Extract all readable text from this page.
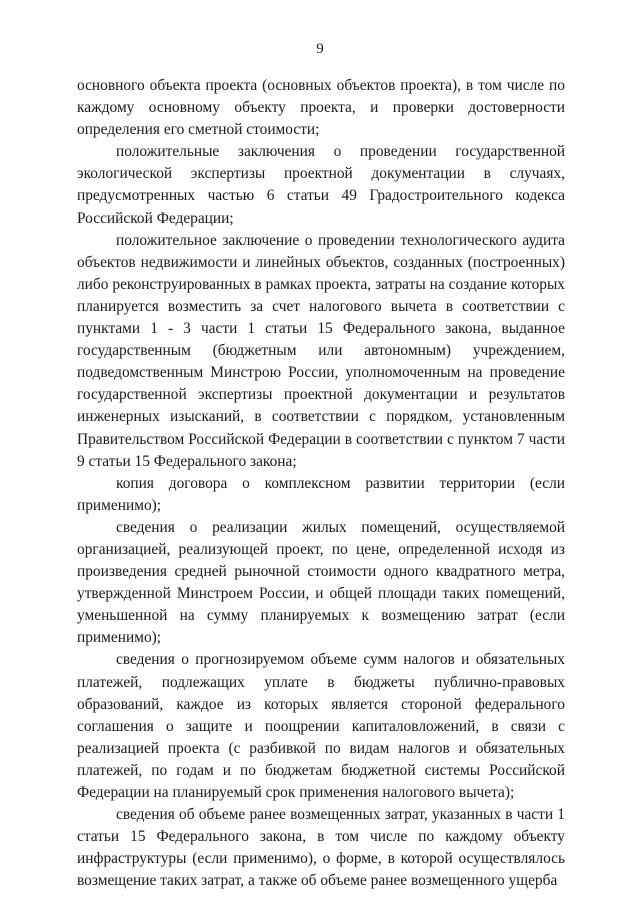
9

основного объекта проекта (основных объектов проекта), в том числе по каждому основному объекту проекта, и проверки достоверности определения его сметной стоимости;

положительные заключения о проведении государственной экологической экспертизы проектной документации в случаях, предусмотренных частью 6 статьи 49 Градостроительного кодекса Российской Федерации;

положительное заключение о проведении технологического аудита объектов недвижимости и линейных объектов, созданных (построенных) либо реконструированных в рамках проекта, затраты на создание которых планируется возместить за счет налогового вычета в соответствии с пунктами 1 - 3 части 1 статьи 15 Федерального закона, выданное государственным (бюджетным или автономным) учреждением, подведомственным Минстрою России, уполномоченным на проведение государственной экспертизы проектной документации и результатов инженерных изысканий, в соответствии с порядком, установленным Правительством Российской Федерации в соответствии с пунктом 7 части 9 статьи 15 Федерального закона;

копия договора о комплексном развитии территории (если применимо);

сведения о реализации жилых помещений, осуществляемой организацией, реализующей проект, по цене, определенной исходя из произведения средней рыночной стоимости одного квадратного метра, утвержденной Минстроем России, и общей площади таких помещений, уменьшенной на сумму планируемых к возмещению затрат (если применимо);

сведения о прогнозируемом объеме сумм налогов и обязательных платежей, подлежащих уплате в бюджеты публично-правовых образований, каждое из которых является стороной федерального соглашения о защите и поощрении капиталовложений, в связи с реализацией проекта (с разбивкой по видам налогов и обязательных платежей, по годам и по бюджетам бюджетной системы Российской Федерации на планируемый срок применения налогового вычета);

сведения об объеме ранее возмещенных затрат, указанных в части 1 статьи 15 Федерального закона, в том числе по каждому объекту инфраструктуры (если применимо), о форме, в которой осуществлялось возмещение таких затрат, а также об объеме ранее возмещенного ущерба
